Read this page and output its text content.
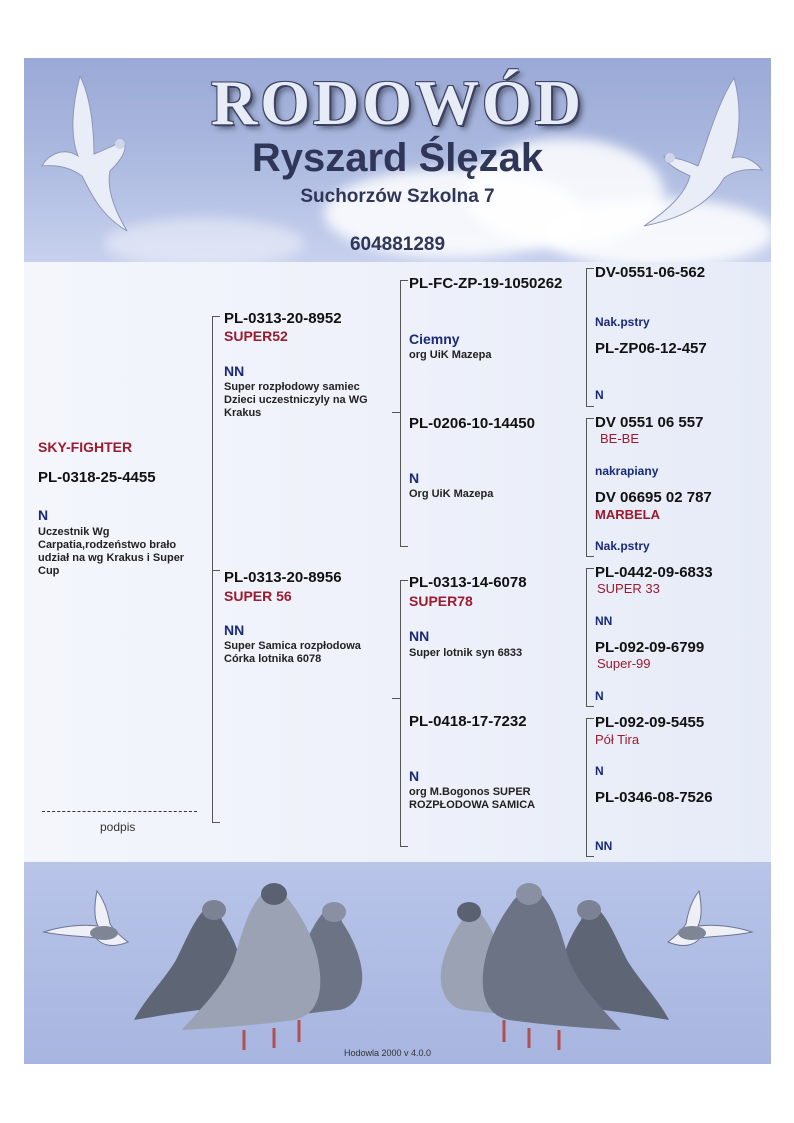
RODOWÓD
Ryszard Ślęzak
Suchorzów Szkolna 7
604881289
SKY-FIGHTER
PL-0318-25-4455
N
Uczestnik Wg Carpatia,rodzeństwo brało udział na wg Krakus i Super Cup
PL-0313-20-8952
SUPER52
NN
Super rozpłodowy samiec Dzieci uczestniczyly na WG Krakus
PL-0313-20-8956
SUPER 56
NN
Super Samica rozpłodowa Córka lotnika 6078
PL-FC-ZP-19-1050262
Ciemny
org UiK Mazepa
PL-0206-10-14450
N
Org UiK Mazepa
PL-0313-14-6078
SUPER78
NN
Super lotnik syn 6833
PL-0418-17-7232
N
org M.Bogonos SUPER ROZPŁODOWA SAMICA
DV-0551-06-562
Nak.pstry
PL-ZP06-12-457
N
DV 0551 06 557
BE-BE
nakrapiany
DV 06695 02 787
MARBELA
Nak.pstry
PL-0442-09-6833
SUPER 33
NN
PL-092-09-6799
Super-99
N
PL-092-09-5455
Pół Tira
N
PL-0346-08-7526
NN
podpis
Hodowla 2000 v 4.0.0
